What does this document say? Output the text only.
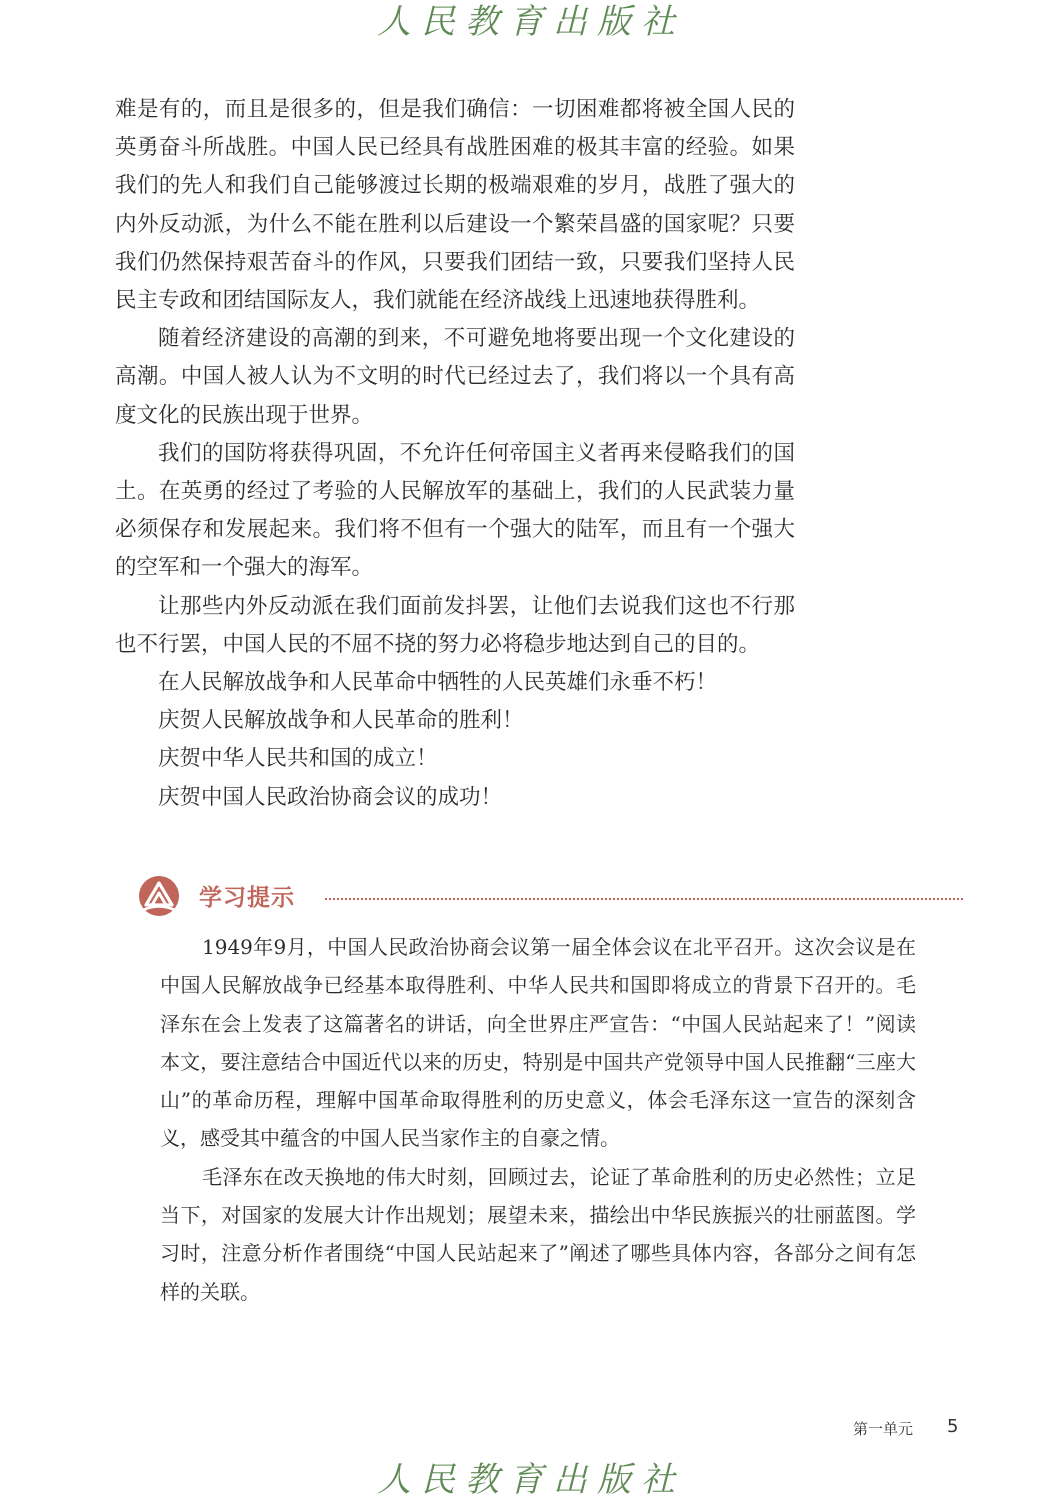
人民教育出版社

难是有的，而且是很多的，但是我们确信：一切困难都将被全国人民的英勇奋斗所战胜。中国人民已经具有战胜困难的极其丰富的经验。如果我们的先人和我们自己能够渡过长期的极端艰难的岁月，战胜了强大的内外反动派，为什么不能在胜利以后建设一个繁荣昌盛的国家呢？只要我们仍然保持艰苦奋斗的作风，只要我们团结一致，只要我们坚持人民民主专政和团结国际友人，我们就能在经济战线上迅速地获得胜利。

随着经济建设的高潮的到来，不可避免地将要出现一个文化建设的高潮。中国人被人认为不文明的时代已经过去了，我们将以一个具有高度文化的民族出现于世界。

我们的国防将获得巩固，不允许任何帝国主义者再来侵略我们的国土。在英勇的经过了考验的人民解放军的基础上，我们的人民武装力量必须保存和发展起来。我们将不但有一个强大的陆军，而且有一个强大的空军和一个强大的海军。

让那些内外反动派在我们面前发抖罢，让他们去说我们这也不行那也不行罢，中国人民的不屈不挠的努力必将稳步地达到自己的目的。

在人民解放战争和人民革命中牺牲的人民英雄们永垂不朽！

庆贺人民解放战争和人民革命的胜利！

庆贺中华人民共和国的成立！

庆贺中国人民政治协商会议的成功！

学习提示

1949年9月，中国人民政治协商会议第一届全体会议在北平召开。这次会议是在中国人民解放战争已经基本取得胜利、中华人民共和国即将成立的背景下召开的。毛泽东在会上发表了这篇著名的讲话，向全世界庄严宣告：“中国人民站起来了！”阅读本文，要注意结合中国近代以来的历史，特别是中国共产党领导中国人民推翻“三座大山”的革命历程，理解中国革命取得胜利的历史意义，体会毛泽东这一宣告的深刻含义，感受其中蕴含的中国人民当家作主的自豪之情。

毛泽东在改天换地的伟大时刻，回顾过去，论证了革命胜利的历史必然性；立足当下，对国家的发展大计作出规划；展望未来，描绘出中华民族振兴的壮丽蓝图。学习时，注意分析作者围绕“中国人民站起来了”阐述了哪些具体内容，各部分之间有怎样的关联。

第一单元 5
人民教育出版社
